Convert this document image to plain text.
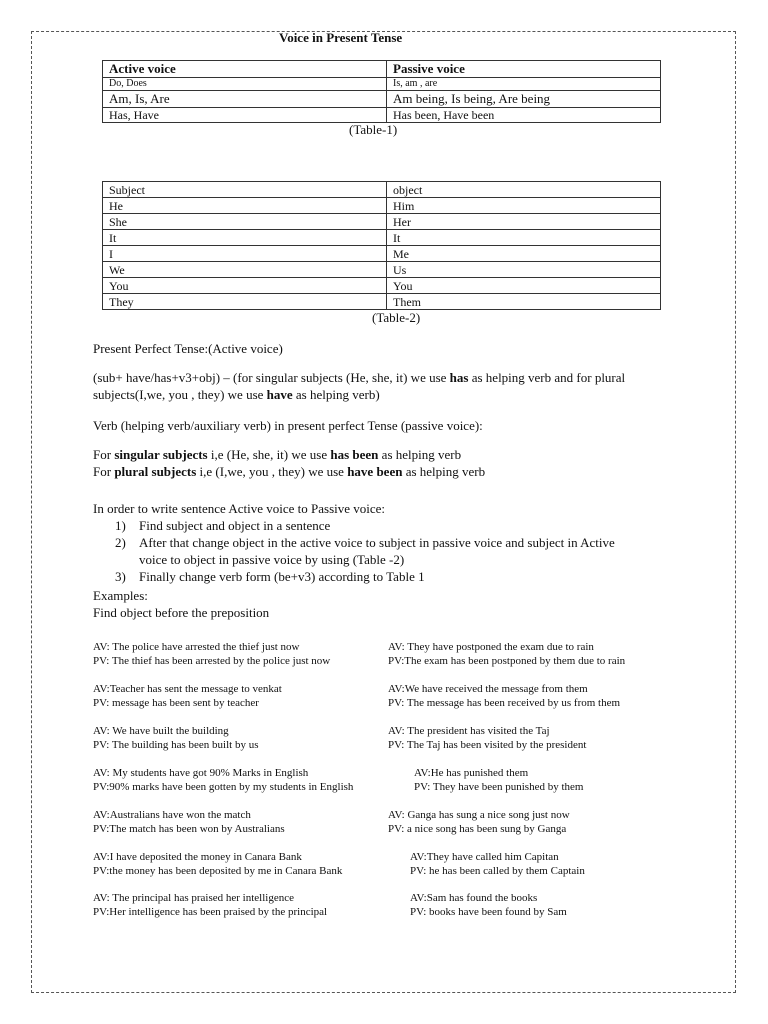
Voice in Present Tense
Active voice	Passive voice
Do, Does	Is, am , are
Am, Is, Are	Am being, Is being, Are being
Has, Have	Has been, Have been
(Table-1)
Subject	object
He	Him
She	Her
It	It
I	Me
We	Us
You	You
They	Them
(Table-2)
Present Perfect Tense:(Active voice)
(sub+ have/has+v3+obj) – (for singular subjects (He, she, it) we use has as helping verb and for plural subjects(I,we, you , they) we use have as helping verb)
Verb (helping verb/auxiliary verb) in present perfect Tense (passive voice):
For singular subjects i,e (He, she, it) we use has been as helping verb
For plural subjects i,e (I,we, you , they) we use have been as helping verb
In order to write sentence Active voice to Passive voice:
1) Find subject and object in a sentence
2) After that change object in the active voice to subject in passive voice and subject in Active
voice to object in passive voice by using (Table -2)
3) Finally change verb form (be+v3) according to Table 1
Examples:
Find object before the preposition
AV: The police have arrested the thief just now
PV: The thief has been arrested by the police just now
AV: They have postponed the exam due to rain
PV:The exam has been postponed by them due to rain
AV:Teacher has sent the message to venkat
PV: message has been sent by teacher
AV:We have received the message from them
PV: The message has been received by us from them
AV: We have built the building
PV: The building has been built by us
AV: The president has visited the Taj
PV: The Taj has been visited by the president
AV: My students have got 90% Marks in English
PV:90% marks have been gotten by my students in English
AV:He has punished them
PV: They have been punished by them
AV:Australians have won the match
PV:The match has been won by Australians
AV: Ganga has sung a nice song just now
PV: a nice song has been sung by Ganga
AV:I have deposited the money in Canara Bank
PV:the money has been deposited by me in Canara Bank
AV:They have called him Capitan
PV: he has been called by them Captain
AV: The principal has praised her intelligence
PV:Her intelligence has been praised by the principal
AV:Sam has found the books
PV: books have been found by Sam
